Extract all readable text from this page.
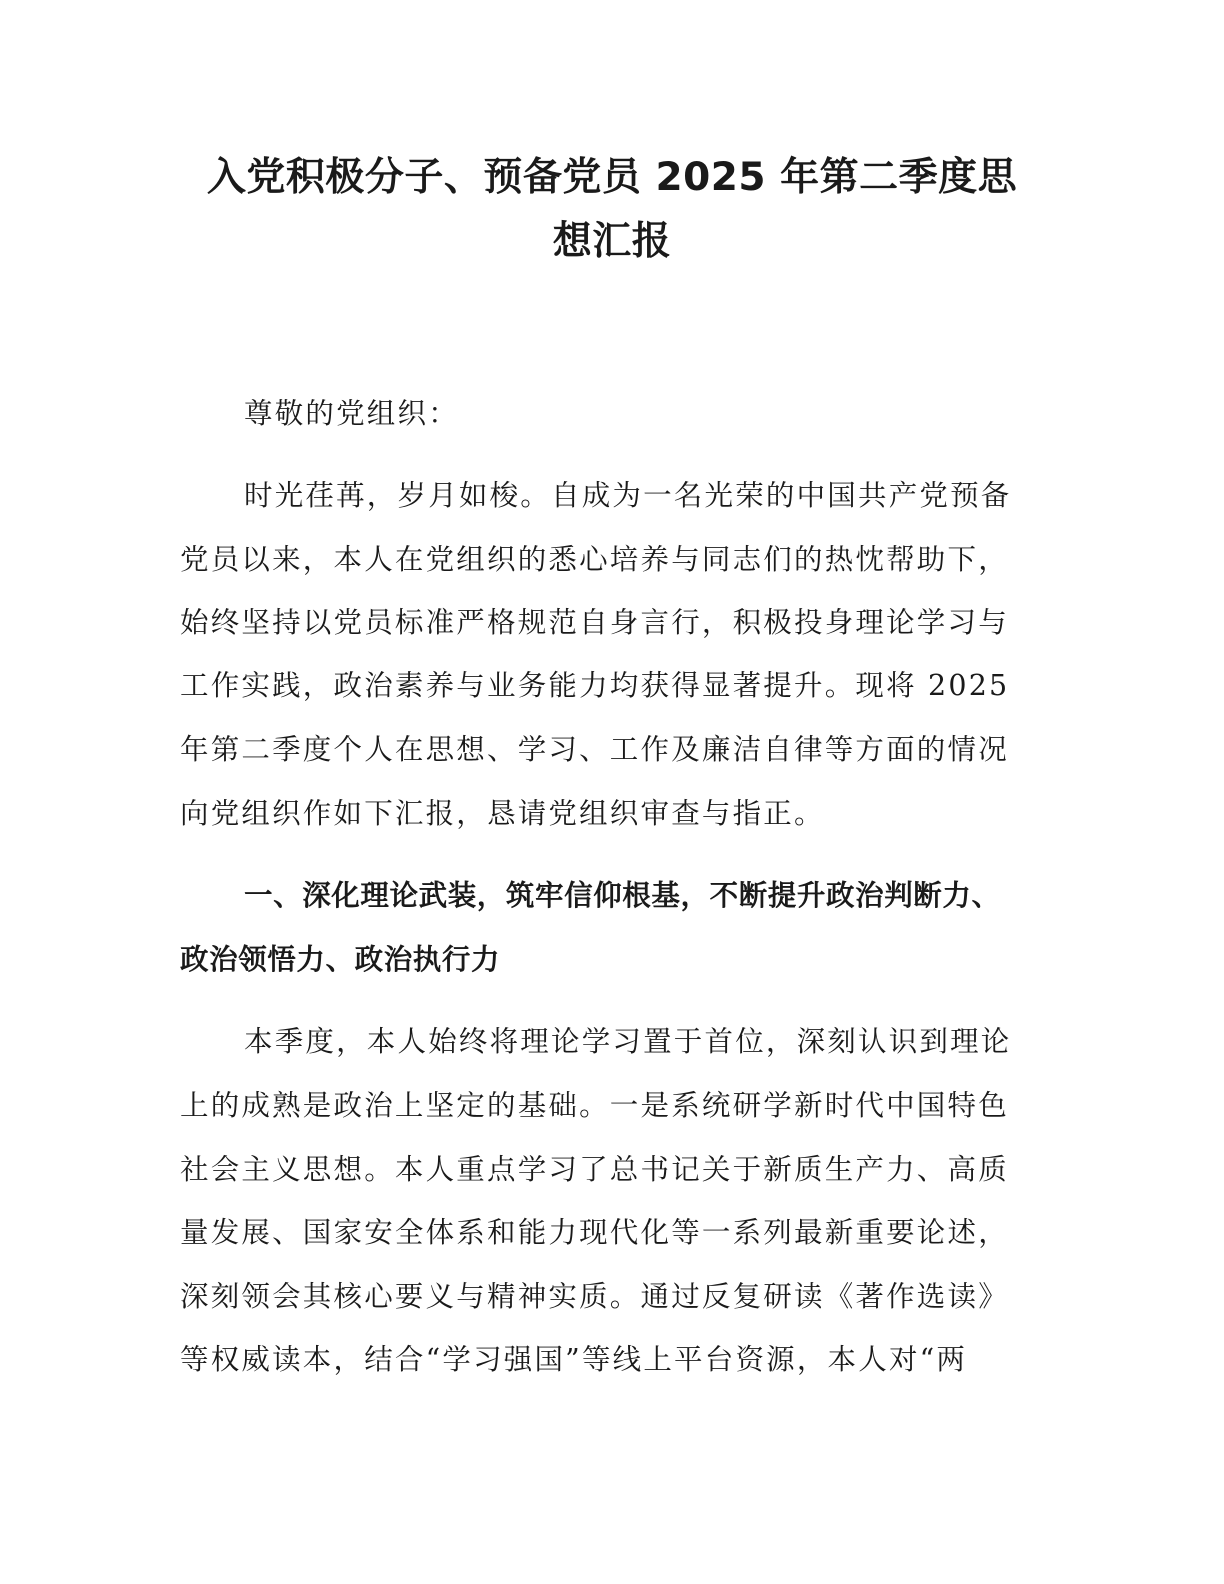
入党积极分子、预备党员 2025 年第二季度思
想汇报

尊敬的党组织：

时光荏苒，岁月如梭。自成为一名光荣的中国共产党预备

党员以来，本人在党组织的悉心培养与同志们的热忱帮助下，

始终坚持以党员标准严格规范自身言行，积极投身理论学习与

工作实践，政治素养与业务能力均获得显著提升。现将 2025

年第二季度个人在思想、学习、工作及廉洁自律等方面的情况

向党组织作如下汇报，恳请党组织审查与指正。

一、深化理论武装，筑牢信仰根基，不断提升政治判断力、

政治领悟力、政治执行力

本季度，本人始终将理论学习置于首位，深刻认识到理论

上的成熟是政治上坚定的基础。一是系统研学新时代中国特色

社会主义思想。本人重点学习了总书记关于新质生产力、高质

量发展、国家安全体系和能力现代化等一系列最新重要论述，

深刻领会其核心要义与精神实质。通过反复研读《著作选读》

等权威读本，结合“学习强国”等线上平台资源，本人对“两
